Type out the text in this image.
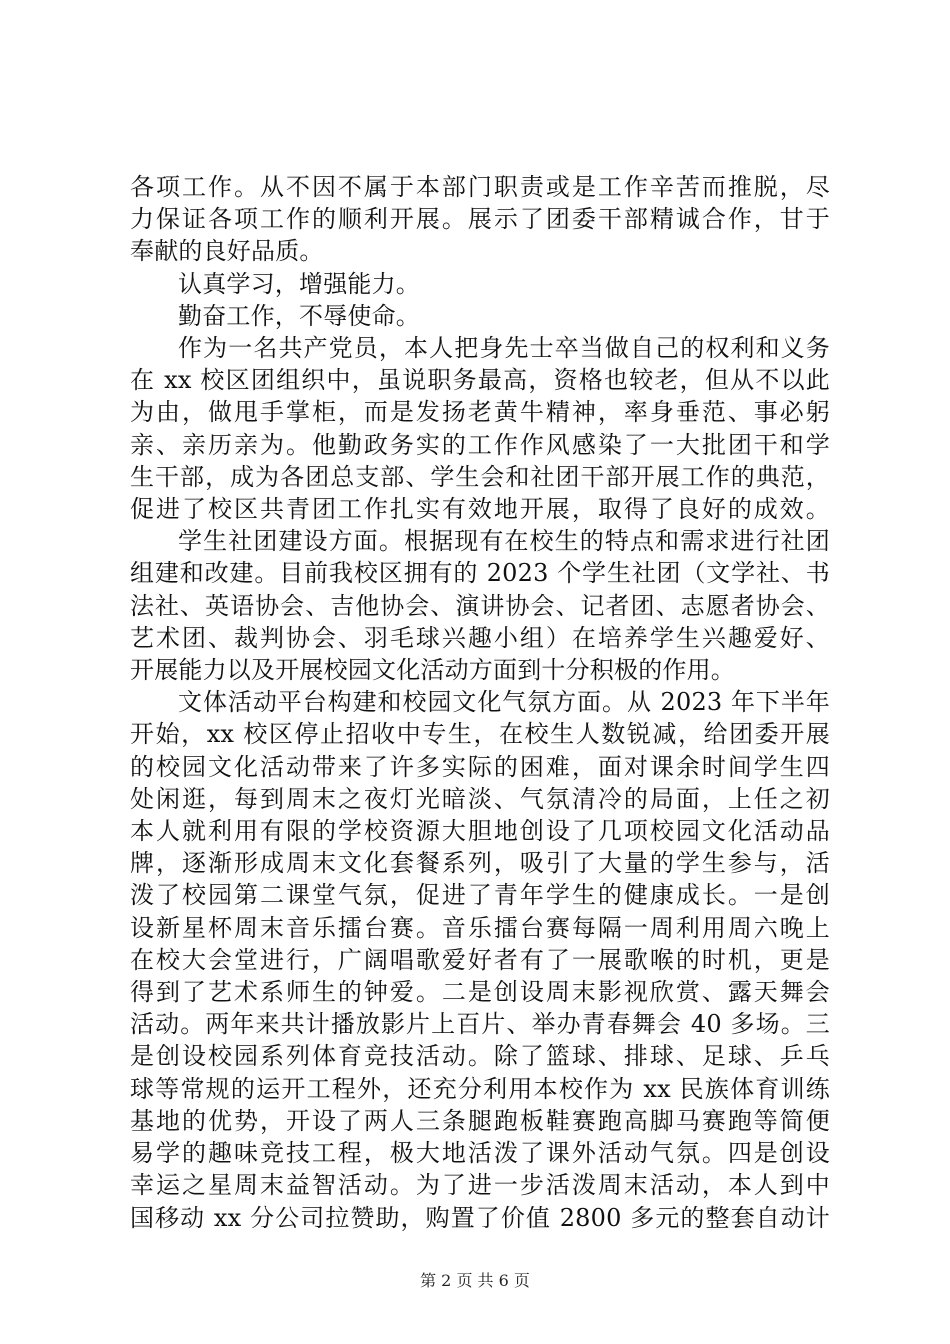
各项工作。从不因不属于本部门职责或是工作辛苦而推脱，尽
力保证各项工作的顺利开展。展示了团委干部精诚合作，甘于
奉献的良好品质。
认真学习，增强能力。
勤奋工作，不辱使命。
作为一名共产党员，本人把身先士卒当做自己的权利和义务
在 xx 校区团组织中，虽说职务最高，资格也较老，但从不以此
为由，做甩手掌柜，而是发扬老黄牛精神，率身垂范、事必躬
亲、亲历亲为。他勤政务实的工作作风感染了一大批团干和学
生干部，成为各团总支部、学生会和社团干部开展工作的典范，
促进了校区共青团工作扎实有效地开展，取得了良好的成效。
学生社团建设方面。根据现有在校生的特点和需求进行社团
组建和改建。目前我校区拥有的 2023 个学生社团（文学社、书
法社、英语协会、吉他协会、演讲协会、记者团、志愿者协会、
艺术团、裁判协会、羽毛球兴趣小组）在培养学生兴趣爱好、
开展能力以及开展校园文化活动方面到十分积极的作用。
文体活动平台构建和校园文化气氛方面。从 2023 年下半年
开始，xx 校区停止招收中专生，在校生人数锐减，给团委开展
的校园文化活动带来了许多实际的困难，面对课余时间学生四
处闲逛，每到周末之夜灯光暗淡、气氛清冷的局面，上任之初
本人就利用有限的学校资源大胆地创设了几项校园文化活动品
牌，逐渐形成周末文化套餐系列，吸引了大量的学生参与，活
泼了校园第二课堂气氛，促进了青年学生的健康成长。一是创
设新星杯周末音乐擂台赛。音乐擂台赛每隔一周利用周六晚上
在校大会堂进行，广阔唱歌爱好者有了一展歌喉的时机，更是
得到了艺术系师生的钟爱。二是创设周末影视欣赏、露天舞会
活动。两年来共计播放影片上百片、举办青春舞会 40 多场。三
是创设校园系列体育竞技活动。除了篮球、排球、足球、乒乓
球等常规的运开工程外，还充分利用本校作为 xx 民族体育训练
基地的优势，开设了两人三条腿跑板鞋赛跑高脚马赛跑等简便
易学的趣味竞技工程，极大地活泼了课外活动气氛。四是创设
幸运之星周末益智活动。为了进一步活泼周末活动，本人到中
国移动 xx 分公司拉赞助，购置了价值 2800 多元的整套自动计
第 2 页 共 6 页
